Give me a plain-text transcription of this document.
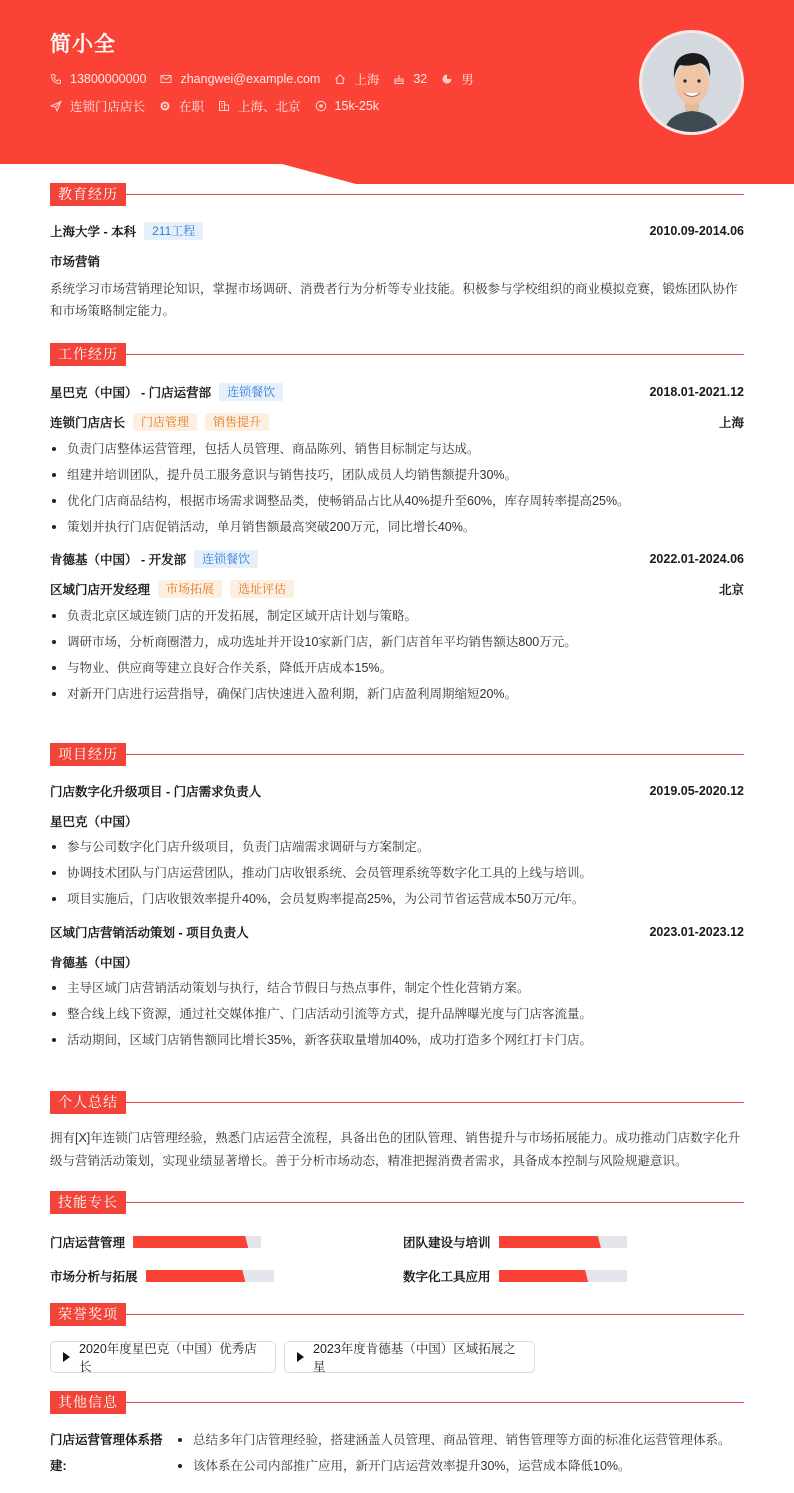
简小全
13800000000	zhangwei@example.com	上海	32	男
连锁门店店长	在职	上海、北京	15k-25k
教育经历
上海大学 - 本科	211工程	2010.09-2014.06
市场营销
系统学习市场营销理论知识，掌握市场调研、消费者行为分析等专业技能。积极参与学校组织的商业模拟竞赛，锻炼团队协作和市场策略制定能力。
工作经历
星巴克（中国） - 门店运营部	连锁餐饮	2018.01-2021.12
连锁门店店长	门店管理	销售提升	上海
负责门店整体运营管理，包括人员管理、商品陈列、销售目标制定与达成。
组建并培训团队，提升员工服务意识与销售技巧，团队成员人均销售额提升30%。
优化门店商品结构，根据市场需求调整品类，使畅销品占比从40%提升至60%，库存周转率提高25%。
策划并执行门店促销活动，单月销售额最高突破200万元，同比增长40%。
肯德基（中国） - 开发部	连锁餐饮	2022.01-2024.06
区域门店开发经理	市场拓展	选址评估	北京
负责北京区域连锁门店的开发拓展，制定区域开店计划与策略。
调研市场，分析商圈潜力，成功选址并开设10家新门店，新门店首年平均销售额达800万元。
与物业、供应商等建立良好合作关系，降低开店成本15%。
对新开门店进行运营指导，确保门店快速进入盈利期，新门店盈利周期缩短20%。
项目经历
门店数字化升级项目 - 门店需求负责人	2019.05-2020.12
星巴克（中国）
参与公司数字化门店升级项目，负责门店端需求调研与方案制定。
协调技术团队与门店运营团队，推动门店收银系统、会员管理系统等数字化工具的上线与培训。
项目实施后，门店收银效率提升40%，会员复购率提高25%，为公司节省运营成本50万元/年。
区域门店营销活动策划 - 项目负责人	2023.01-2023.12
肯德基（中国）
主导区域门店营销活动策划与执行，结合节假日与热点事件，制定个性化营销方案。
整合线上线下资源，通过社交媒体推广、门店活动引流等方式，提升品牌曝光度与门店客流量。
活动期间，区域门店销售额同比增长35%，新客获取量增加40%，成功打造多个网红打卡门店。
个人总结
拥有[X]年连锁门店管理经验，熟悉门店运营全流程，具备出色的团队管理、销售提升与市场拓展能力。成功推动门店数字化升级与营销活动策划，实现业绩显著增长。善于分析市场动态，精准把握消费者需求，具备成本控制与风险规避意识。
技能专长
门店运营管理	团队建设与培训
市场分析与拓展	数字化工具应用
荣誉奖项
2020年度星巴克（中国）优秀店长
2023年度肯德基（中国）区域拓展之星
其他信息
门店运营管理体系搭建:
总结多年门店管理经验，搭建涵盖人员管理、商品管理、销售管理等方面的标准化运营管理体系。
该体系在公司内部推广应用，新开门店运营效率提升30%，运营成本降低10%。
